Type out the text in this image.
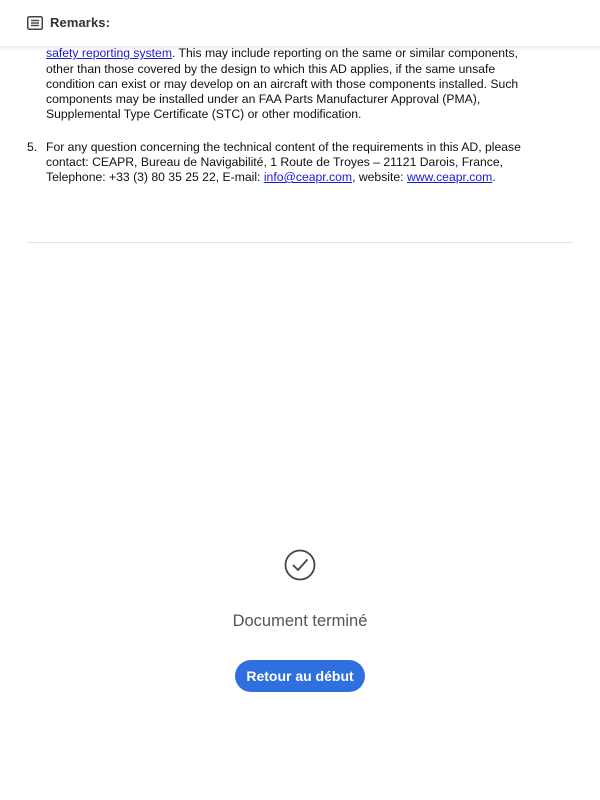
Remarks:
safety reporting system. This may include reporting on the same or similar components,
other than those covered by the design to which this AD applies, if the same unsafe
condition can exist or may develop on an aircraft with those components installed. Such
components may be installed under an FAA Parts Manufacturer Approval (PMA),
Supplemental Type Certificate (STC) or other modification.
5. For any question concerning the technical content of the requirements in this AD, please
contact: CEAPR, Bureau de Navigabilité, 1 Route de Troyes – 21121 Darois, France,
Telephone: +33 (3) 80 35 25 22, E-mail: info@ceapr.com, website: www.ceapr.com.
Document terminé
Retour au début
